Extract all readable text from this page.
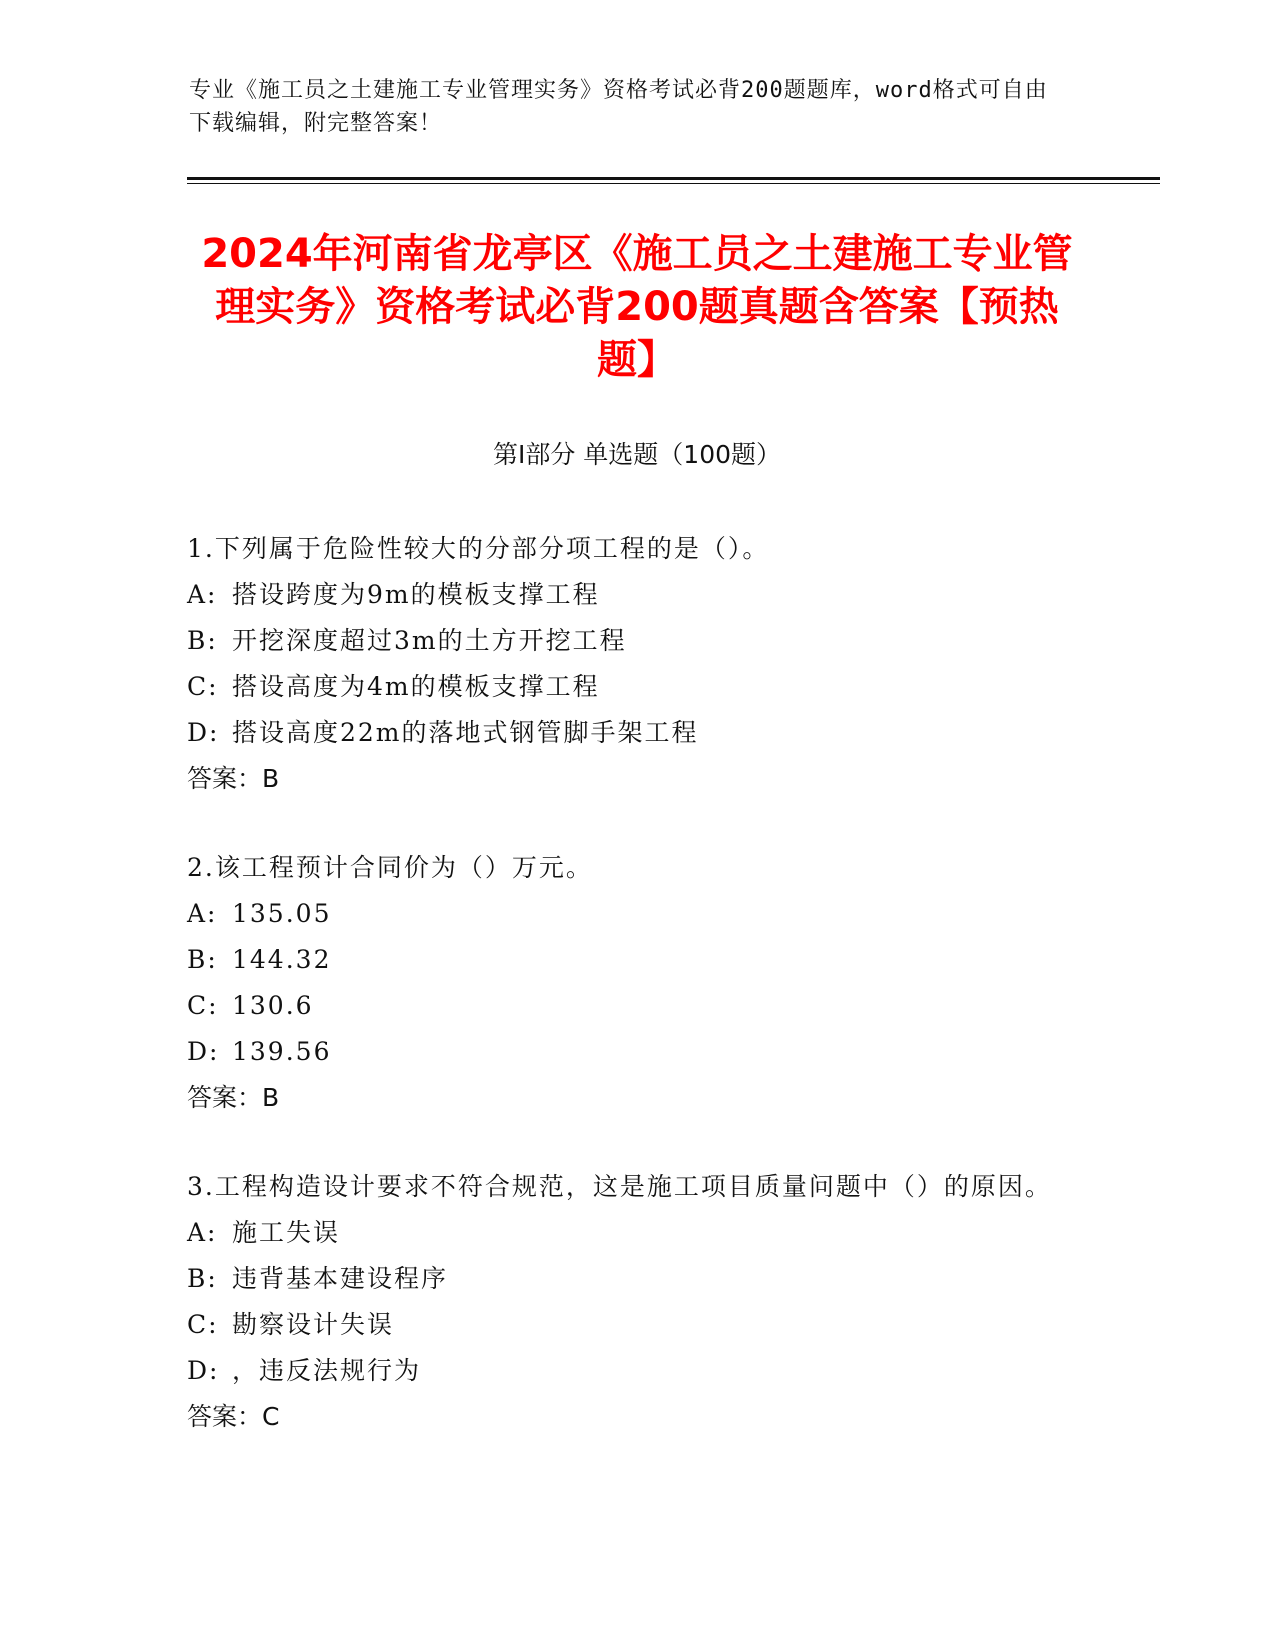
专业《施工员之土建施工专业管理实务》资格考试必背200题题库，word格式可自由下载编辑，附完整答案！
2024年河南省龙亭区《施工员之土建施工专业管理实务》资格考试必背200题真题含答案【预热题】
第Ⅰ部分 单选题（100题）
1.下列属于危险性较大的分部分项工程的是（）。
A: 搭设跨度为9m的模板支撑工程
B: 开挖深度超过3m的土方开挖工程
C: 搭设高度为4m的模板支撑工程
D: 搭设高度22m的落地式钢管脚手架工程
答案：B
2.该工程预计合同价为（）万元。
A: 135.05
B: 144.32
C: 130.6
D: 139.56
答案：B
3.工程构造设计要求不符合规范，这是施工项目质量问题中（）的原因。
A: 施工失误
B: 违背基本建设程序
C: 勘察设计失误
D: ，违反法规行为
答案：C
